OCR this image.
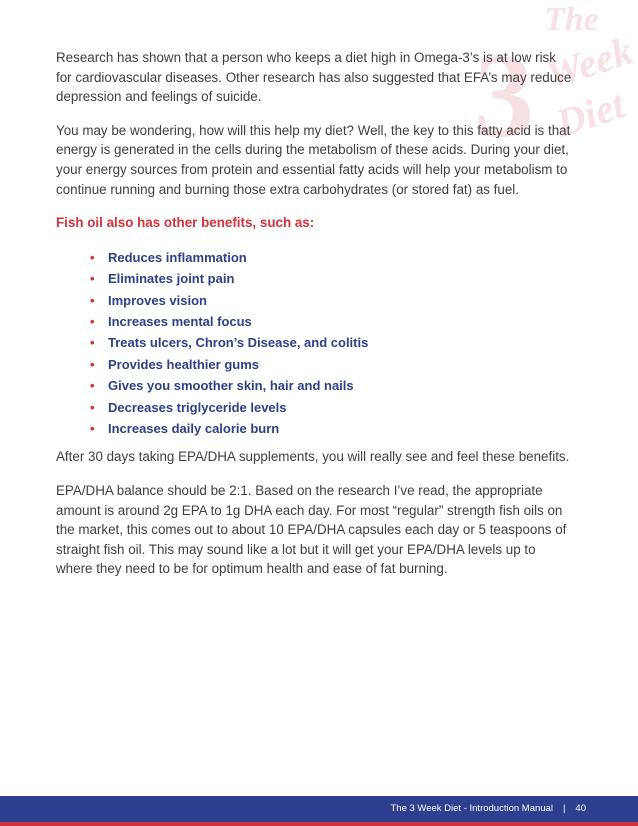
The
3 Week
Diet

Research has shown that a person who keeps a diet high in Omega-3’s is at low risk for cardiovascular diseases. Other research has also suggested that EFA’s may reduce depression and feelings of suicide.

You may be wondering, how will this help my diet? Well, the key to this fatty acid is that energy is generated in the cells during the metabolism of these acids. During your diet, your energy sources from protein and essential fatty acids will help your metabolism to continue running and burning those extra carbohydrates (or stored fat) as fuel.

Fish oil also has other benefits, such as:

• Reduces inflammation
• Eliminates joint pain
• Improves vision
• Increases mental focus
• Treats ulcers, Chron’s Disease, and colitis
• Provides healthier gums
• Gives you smoother skin, hair and nails
• Decreases triglyceride levels
• Increases daily calorie burn

After 30 days taking EPA/DHA supplements, you will really see and feel these benefits.

EPA/DHA balance should be 2:1. Based on the research I’ve read, the appropriate amount is around 2g EPA to 1g DHA each day. For most “regular” strength fish oils on the market, this comes out to about 10 EPA/DHA capsules each day or 5 teaspoons of straight fish oil. This may sound like a lot but it will get your EPA/DHA levels up to where they need to be for optimum health and ease of fat burning.

The 3 Week Diet - Introduction Manual | 40
